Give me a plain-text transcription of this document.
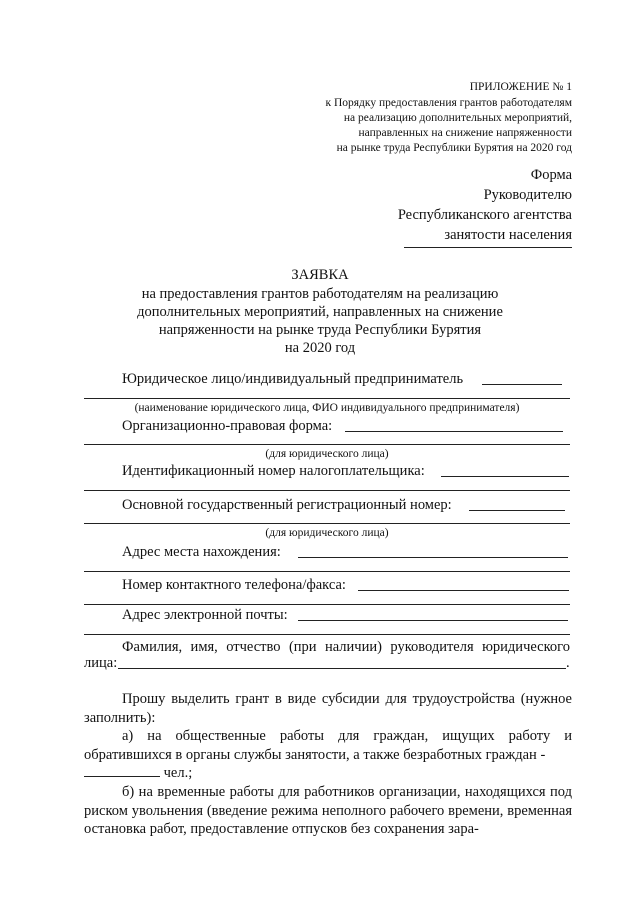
ПРИЛОЖЕНИЕ № 1
к Порядку предоставления грантов работодателям
на реализацию дополнительных мероприятий,
направленных на снижение напряженности
на рынке труда Республики Бурятия на 2020 год
Форма
Руководителю
Республиканского агентства
занятости населения
ЗАЯВКА
на предоставления грантов работодателям на реализацию
дополнительных мероприятий, направленных на снижение
напряженности на рынке труда Республики Бурятия
на 2020 год
Юридическое лицо/индивидуальный предприниматель
(наименование юридического лица, ФИО индивидуального предпринимателя)
Организационно-правовая форма:
(для юридического лица)
Идентификационный номер налогоплательщика:
Основной государственный регистрационный номер:
(для юридического лица)
Адрес места нахождения:
Номер контактного телефона/факса:
Адрес электронной почты:
Фамилия, имя, отчество (при наличии) руководителя юридического
лица:	.
Прошу выделить грант в виде субсидии для трудоустройства (нужное заполнить):
а) на общественные работы для граждан, ищущих работу и обратившихся в органы службы занятости, а также безработных граждан -
чел.;
б) на временные работы для работников организации, находящихся под риском увольнения (введение режима неполного рабочего времени, временная остановка работ, предоставление отпусков без сохранения зара-
